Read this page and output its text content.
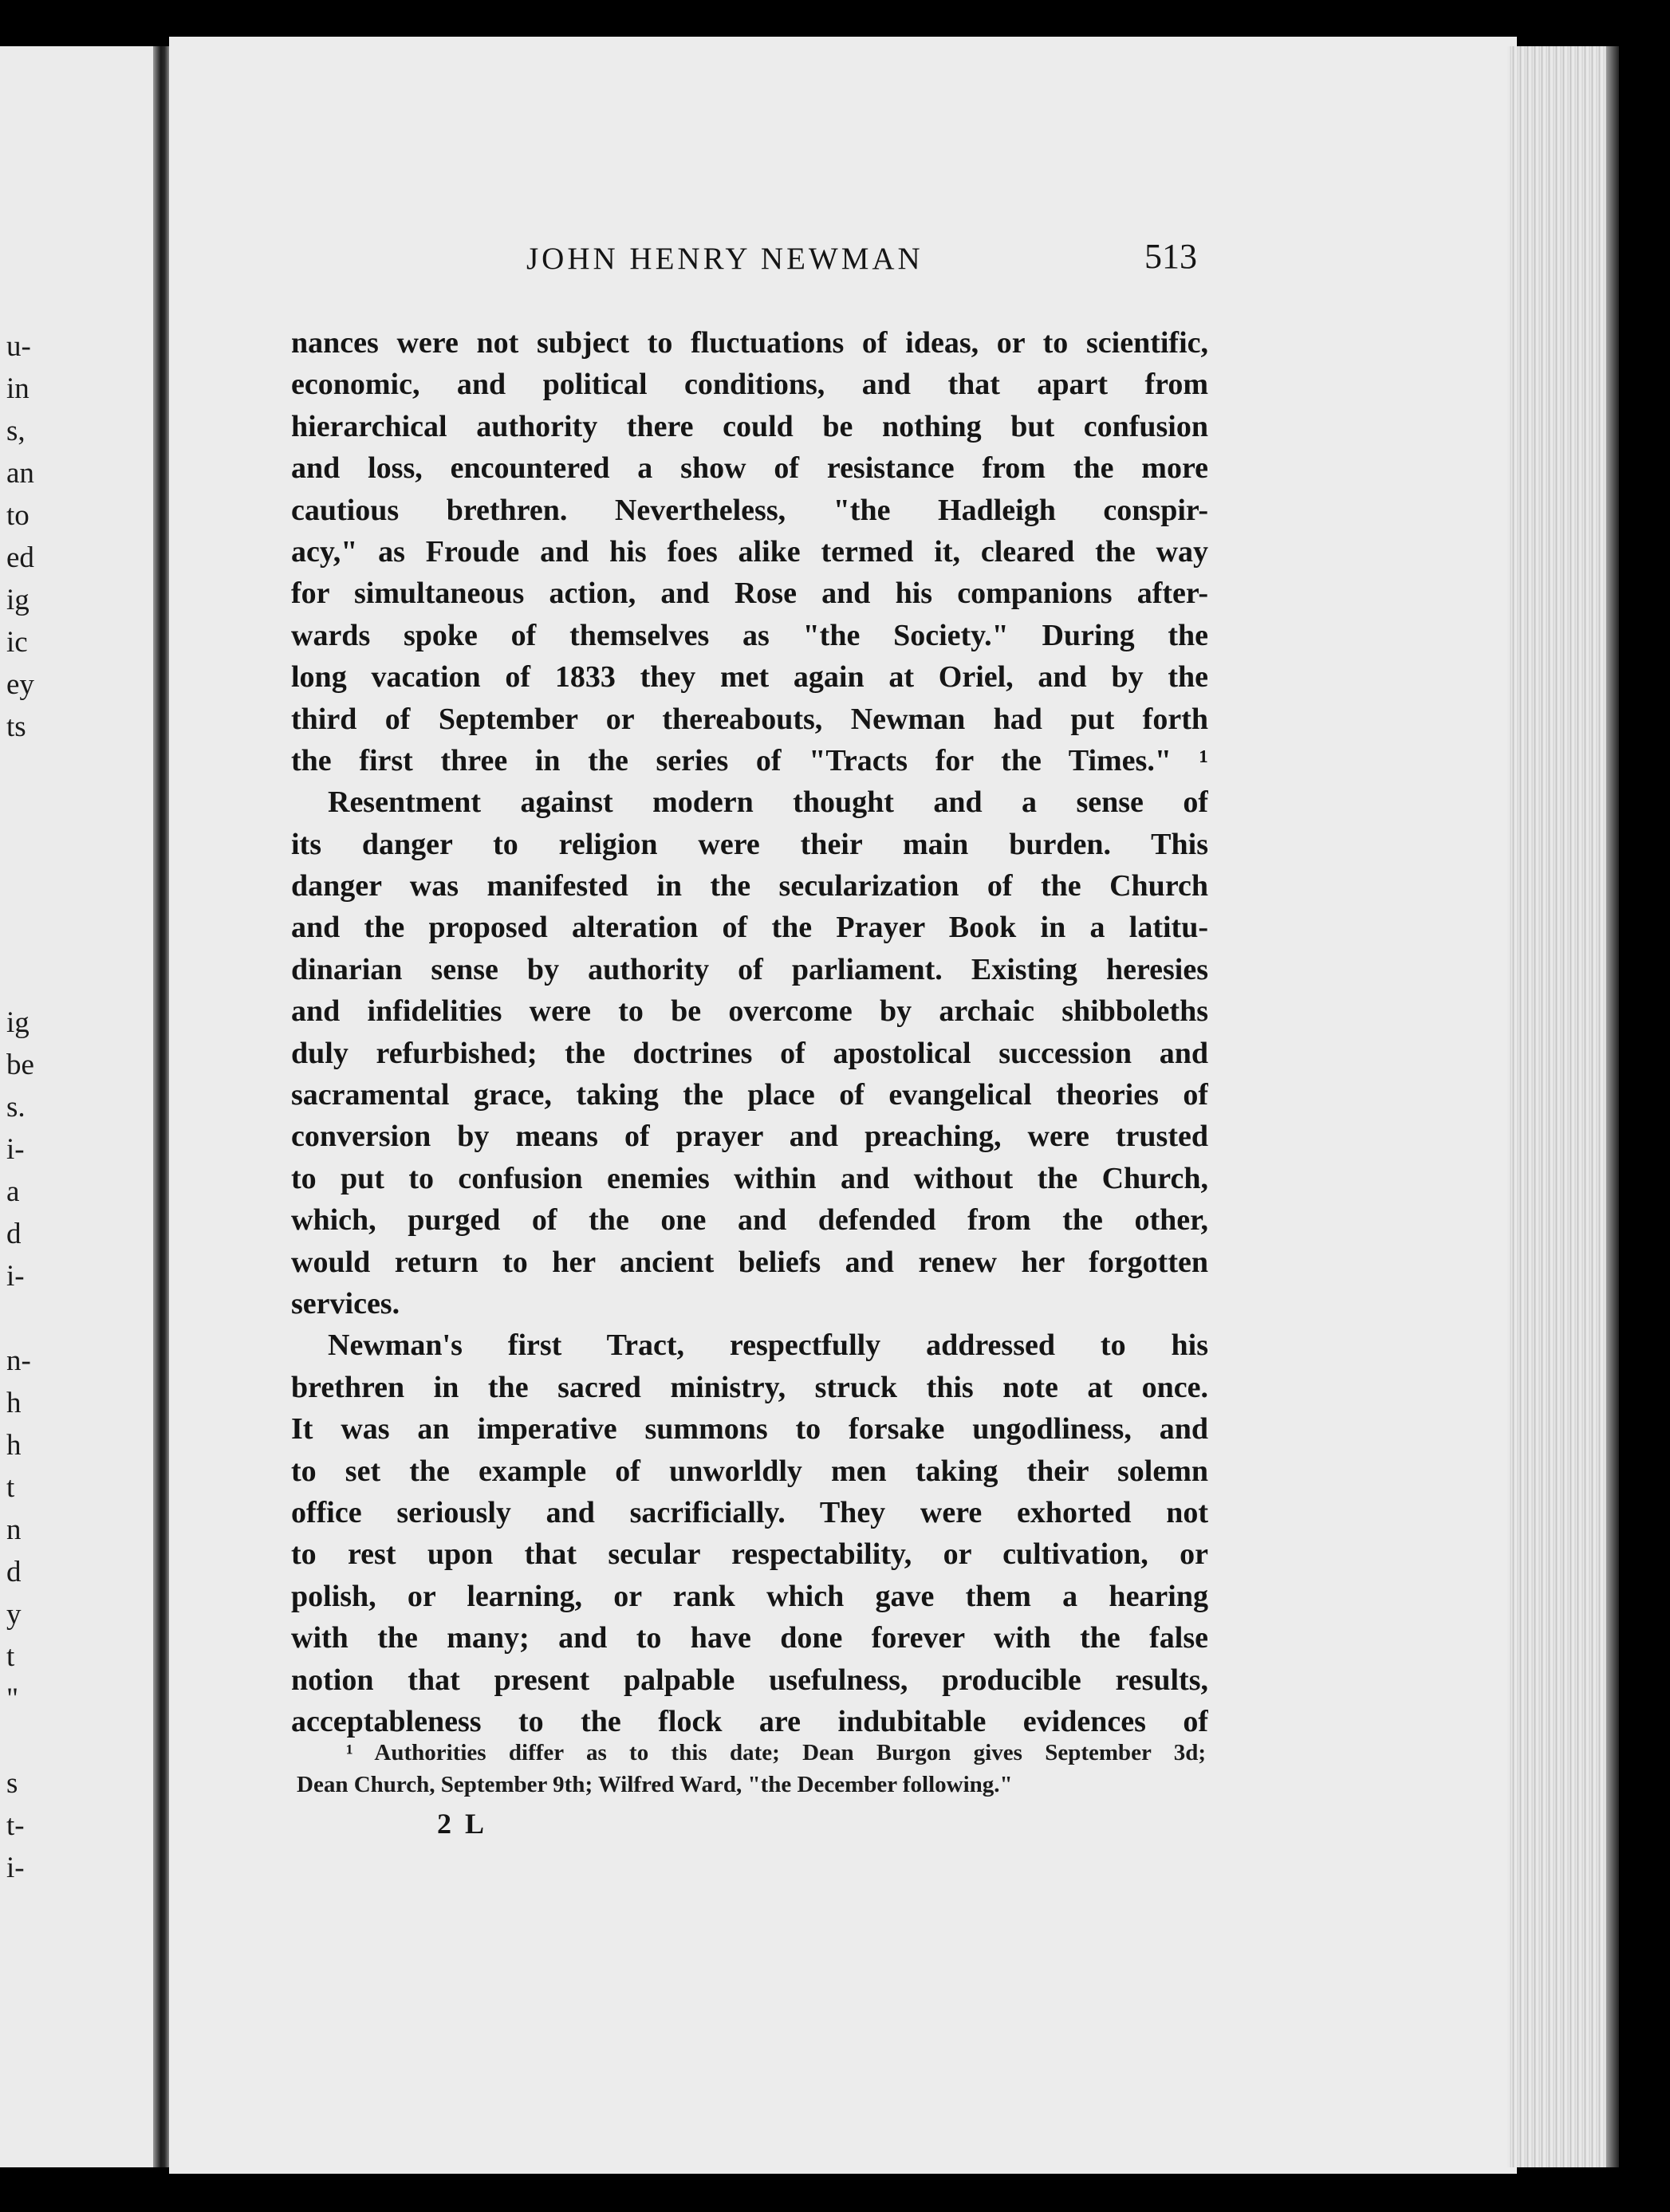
u-
in
s,
an
to
ed
ig
ic
ey
ts
ig
be
s.
i-
a
d
i-
n-
h
h
t
n
d
y
t
"
s
t-
i-
JOHN HENRY NEWMAN	513
nances were not subject to fluctuations of ideas, or to scientific,
economic, and political conditions, and that apart from
hierarchical authority there could be nothing but confusion
and loss, encountered a show of resistance from the more
cautious brethren. Nevertheless, "the Hadleigh conspir-
acy," as Froude and his foes alike termed it, cleared the way
for simultaneous action, and Rose and his companions after-
wards spoke of themselves as "the Society." During the
long vacation of 1833 they met again at Oriel, and by the
third of September or thereabouts, Newman had put forth
the first three in the series of "Tracts for the Times." ¹
Resentment against modern thought and a sense of
its danger to religion were their main burden. This
danger was manifested in the secularization of the Church
and the proposed alteration of the Prayer Book in a latitu-
dinarian sense by authority of parliament. Existing heresies
and infidelities were to be overcome by archaic shibboleths
duly refurbished; the doctrines of apostolical succession and
sacramental grace, taking the place of evangelical theories of
conversion by means of prayer and preaching, were trusted
to put to confusion enemies within and without the Church,
which, purged of the one and defended from the other,
would return to her ancient beliefs and renew her forgotten
services.
Newman's first Tract, respectfully addressed to his
brethren in the sacred ministry, struck this note at once.
It was an imperative summons to forsake ungodliness, and
to set the example of unworldly men taking their solemn
office seriously and sacrificially. They were exhorted not
to rest upon that secular respectability, or cultivation, or
polish, or learning, or rank which gave them a hearing
with the many; and to have done forever with the false
notion that present palpable usefulness, producible results,
acceptableness to the flock are indubitable evidences of
¹ Authorities differ as to this date; Dean Burgon gives September 3d;
Dean Church, September 9th; Wilfred Ward, "the December following."
2 L
